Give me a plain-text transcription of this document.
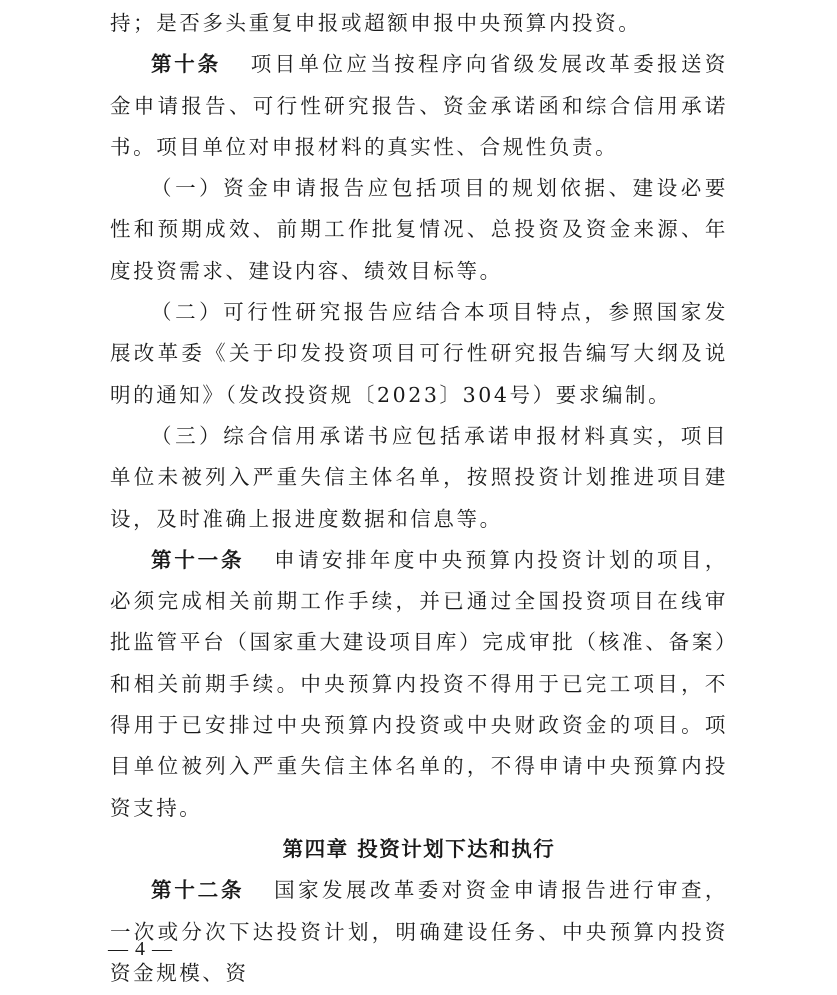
持；是否多头重复申报或超额申报中央预算内投资。

第十条 项目单位应当按程序向省级发展改革委报送资金申请报告、可行性研究报告、资金承诺函和综合信用承诺书。项目单位对申报材料的真实性、合规性负责。

（一）资金申请报告应包括项目的规划依据、建设必要性和预期成效、前期工作批复情况、总投资及资金来源、年度投资需求、建设内容、绩效目标等。

（二）可行性研究报告应结合本项目特点，参照国家发展改革委《关于印发投资项目可行性研究报告编写大纲及说明的通知》（发改投资规〔2023〕304号）要求编制。

（三）综合信用承诺书应包括承诺申报材料真实，项目单位未被列入严重失信主体名单，按照投资计划推进项目建设，及时准确上报进度数据和信息等。

第十一条 申请安排年度中央预算内投资计划的项目，必须完成相关前期工作手续，并已通过全国投资项目在线审批监管平台（国家重大建设项目库）完成审批（核准、备案）和相关前期手续。中央预算内投资不得用于已完工项目，不得用于已安排过中央预算内投资或中央财政资金的项目。项目单位被列入严重失信主体名单的，不得申请中央预算内投资支持。

第四章 投资计划下达和执行

第十二条 国家发展改革委对资金申请报告进行审查，一次或分次下达投资计划，明确建设任务、中央预算内投资资金规模、资

— 4 —
